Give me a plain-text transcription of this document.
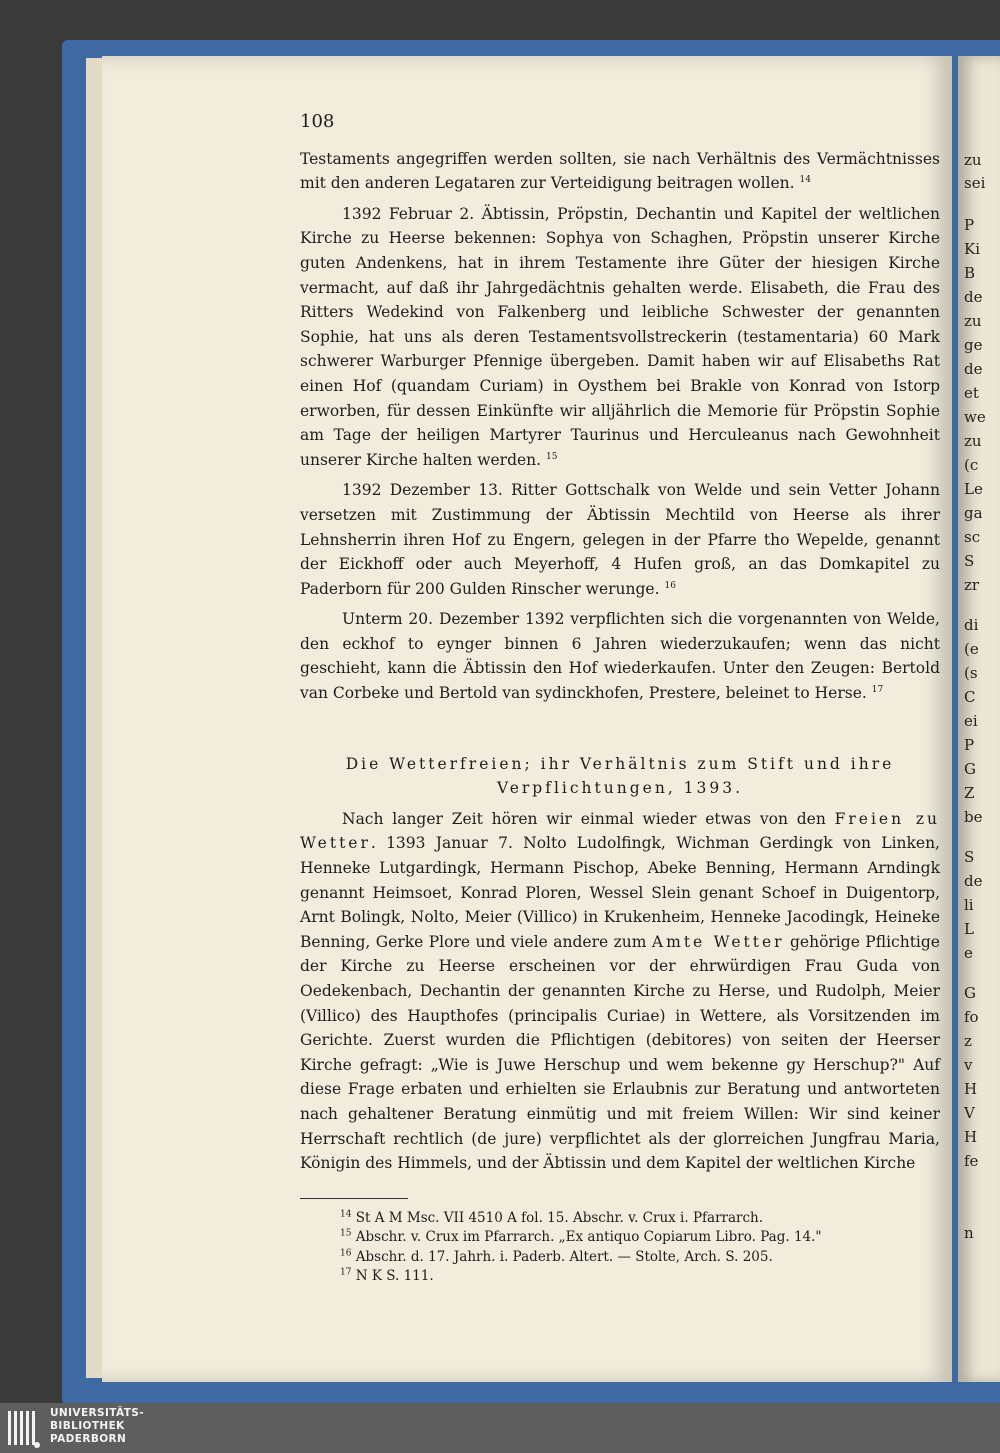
zu
sei
P
Ki
B
de
zu
ge
de
et
we
zu
(c
Le
ga
sc
S
zr
di
(e
(s
C
ei
P
G
Z
be
S
de
li
L
e
G
fo
z
v
H
V
H
fe
n
108

Testaments angegriffen werden sollten, sie nach Verhältnis des Vermächtnisses mit den anderen Legataren zur Verteidigung beitragen wollen. $^{14}$

1392 Februar 2. Äbtissin, Pröpstin, Dechantin und Kapitel der weltlichen Kirche zu Heerse bekennen: Sophya von Schaghen, Pröpstin unserer Kirche guten Andenkens, hat in ihrem Testamente ihre Güter der hiesigen Kirche vermacht, auf daß ihr Jahrgedächtnis gehalten werde. Elisabeth, die Frau des Ritters Wedekind von Falkenberg und leibliche Schwester der genannten Sophie, hat uns als deren Testamentsvollstreckerin (testamentaria) 60 Mark schwerer Warburger Pfennige übergeben. Damit haben wir auf Elisabeths Rat einen Hof (quandam Curiam) in Oysthem bei Brakle von Konrad von Istorp erworben, für dessen Einkünfte wir alljährlich die Memorie für Pröpstin Sophie am Tage der heiligen Martyrer Taurinus und Herculeanus nach Gewohnheit unserer Kirche halten werden. $^{15}$

1392 Dezember 13. Ritter Gottschalk von Welde und sein Vetter Johann versetzen mit Zustimmung der Äbtissin Mechtild von Heerse als ihrer Lehnsherrin ihren Hof zu Engern, gelegen in der Pfarre tho Wepelde, genannt der Eickhoff oder auch Meyerhoff, 4 Hufen groß, an das Domkapitel zu Paderborn für 200 Gulden Rinscher werunge. $^{16}$

Unterm 20. Dezember 1392 verpflichten sich die vorgenannten von Welde, den eckhof to eynger binnen 6 Jahren wiederzukaufen; wenn das nicht geschieht, kann die Äbtissin den Hof wiederkaufen. Unter den Zeugen: Bertold van Corbeke und Bertold van sydinckhofen, Prestere, beleinet to Herse. $^{17}$

Die Wetterfreien; ihr Verhältnis zum Stift und ihre Verpflichtungen, 1393.

Nach langer Zeit hören wir einmal wieder etwas von den Freien zu Wetter. 1393 Januar 7. Nolto Ludolfingk, Wichman Gerdingk von Linken, Henneke Lutgardingk, Hermann Pischop, Abeke Benning, Hermann Arndingk genannt Heimsoet, Konrad Ploren, Wessel Slein genant Schoef in Duigentorp, Arnt Bolingk, Nolto, Meier (Villico) in Krukenheim, Henneke Jacodingk, Heineke Benning, Gerke Plore und viele andere zum Amte Wetter gehörige Pflichtige der Kirche zu Heerse erscheinen vor der ehrwürdigen Frau Guda von Oedekenbach, Dechantin der genannten Kirche zu Herse, und Rudolph, Meier (Villico) des Haupthofes (principalis Curiae) in Wettere, als Vorsitzenden im Gerichte. Zuerst wurden die Pflichtigen (debitores) von seiten der Heerser Kirche gefragt: „Wie is Juwe Herschup und wem bekenne gy Herschup?" Auf diese Frage erbaten und erhielten sie Erlaubnis zur Beratung und antworteten nach gehaltener Beratung einmütig und mit freiem Willen: Wir sind keiner Herrschaft rechtlich (de jure) verpflichtet als der glorreichen Jungfrau Maria, Königin des Himmels, und der Äbtissin und dem Kapitel der weltlichen Kirche

$^{14}$ St A M Msc. VII 4510 A fol. 15. Abschr. v. Crux i. Pfarrarch.

$^{15}$ Abschr. v. Crux im Pfarrarch. „Ex antiquo Copiarum Libro. Pag. 14."

$^{16}$ Abschr. d. 17. Jahrh. i. Paderb. Altert. — Stolte, Arch. S. 205.

$^{17}$ N K S. 111.

UNIVERSITÄTS-
BIBLIOTHEK
PADERBORN
